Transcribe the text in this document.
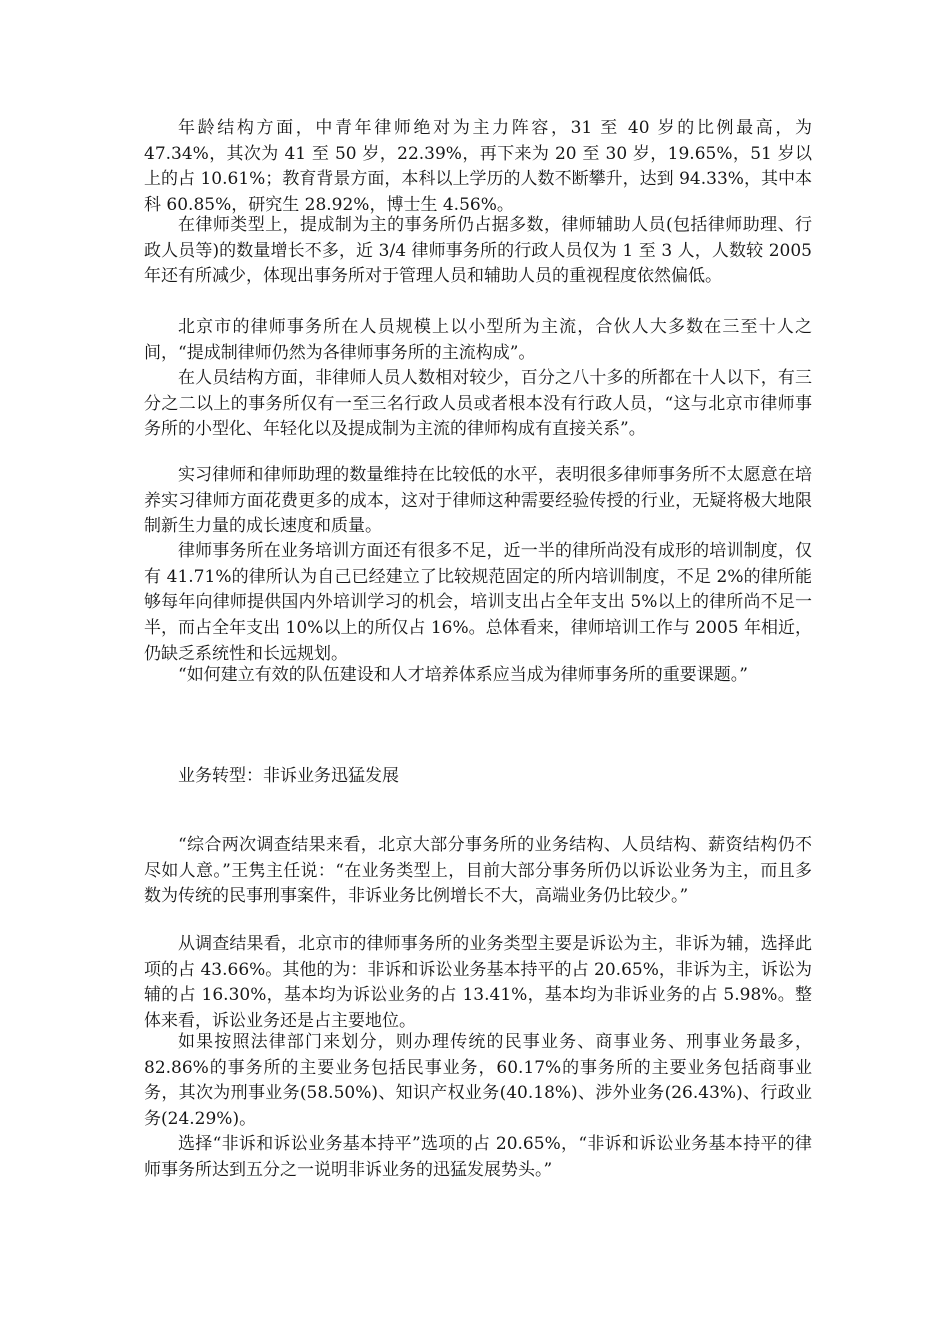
年龄结构方面，中青年律师绝对为主力阵容，31 至 40 岁的比例最高，为47.34%，其次为 41 至 50 岁，22.39%，再下来为 20 至 30 岁，19.65%，51 岁以上的占 10.61%；教育背景方面，本科以上学历的人数不断攀升，达到 94.33%，其中本科 60.85%，研究生 28.92%，博士生 4.56%。

在律师类型上，提成制为主的事务所仍占据多数，律师辅助人员(包括律师助理、行政人员等)的数量增长不多，近 3/4 律师事务所的行政人员仅为 1 至 3 人，人数较 2005 年还有所减少，体现出事务所对于管理人员和辅助人员的重视程度依然偏低。

北京市的律师事务所在人员规模上以小型所为主流，合伙人大多数在三至十人之间，“提成制律师仍然为各律师事务所的主流构成”。

在人员结构方面，非律师人员人数相对较少，百分之八十多的所都在十人以下，有三分之二以上的事务所仅有一至三名行政人员或者根本没有行政人员，“这与北京市律师事务所的小型化、年轻化以及提成制为主流的律师构成有直接关系”。

实习律师和律师助理的数量维持在比较低的水平，表明很多律师事务所不太愿意在培养实习律师方面花费更多的成本，这对于律师这种需要经验传授的行业，无疑将极大地限制新生力量的成长速度和质量。

律师事务所在业务培训方面还有很多不足，近一半的律所尚没有成形的培训制度，仅有 41.71%的律所认为自己已经建立了比较规范固定的所内培训制度，不足 2%的律所能够每年向律师提供国内外培训学习的机会，培训支出占全年支出 5%以上的律所尚不足一半，而占全年支出 10%以上的所仅占 16%。总体看来，律师培训工作与 2005 年相近，仍缺乏系统性和长远规划。

“如何建立有效的队伍建设和人才培养体系应当成为律师事务所的重要课题。”

业务转型：非诉业务迅猛发展

“综合两次调查结果来看，北京大部分事务所的业务结构、人员结构、薪资结构仍不尽如人意。”王隽主任说：“在业务类型上，目前大部分事务所仍以诉讼业务为主，而且多数为传统的民事刑事案件，非诉业务比例增长不大，高端业务仍比较少。”

从调查结果看，北京市的律师事务所的业务类型主要是诉讼为主，非诉为辅，选择此项的占 43.66%。其他的为：非诉和诉讼业务基本持平的占 20.65%，非诉为主，诉讼为辅的占 16.30%，基本均为诉讼业务的占 13.41%，基本均为非诉业务的占 5.98%。整体来看，诉讼业务还是占主要地位。

如果按照法律部门来划分，则办理传统的民事业务、商事业务、刑事业务最多，82.86%的事务所的主要业务包括民事业务，60.17%的事务所的主要业务包括商事业务，其次为刑事业务(58.50%)、知识产权业务(40.18%)、涉外业务(26.43%)、行政业务(24.29%)。

选择“非诉和诉讼业务基本持平”选项的占 20.65%，“非诉和诉讼业务基本持平的律师事务所达到五分之一说明非诉业务的迅猛发展势头。”
